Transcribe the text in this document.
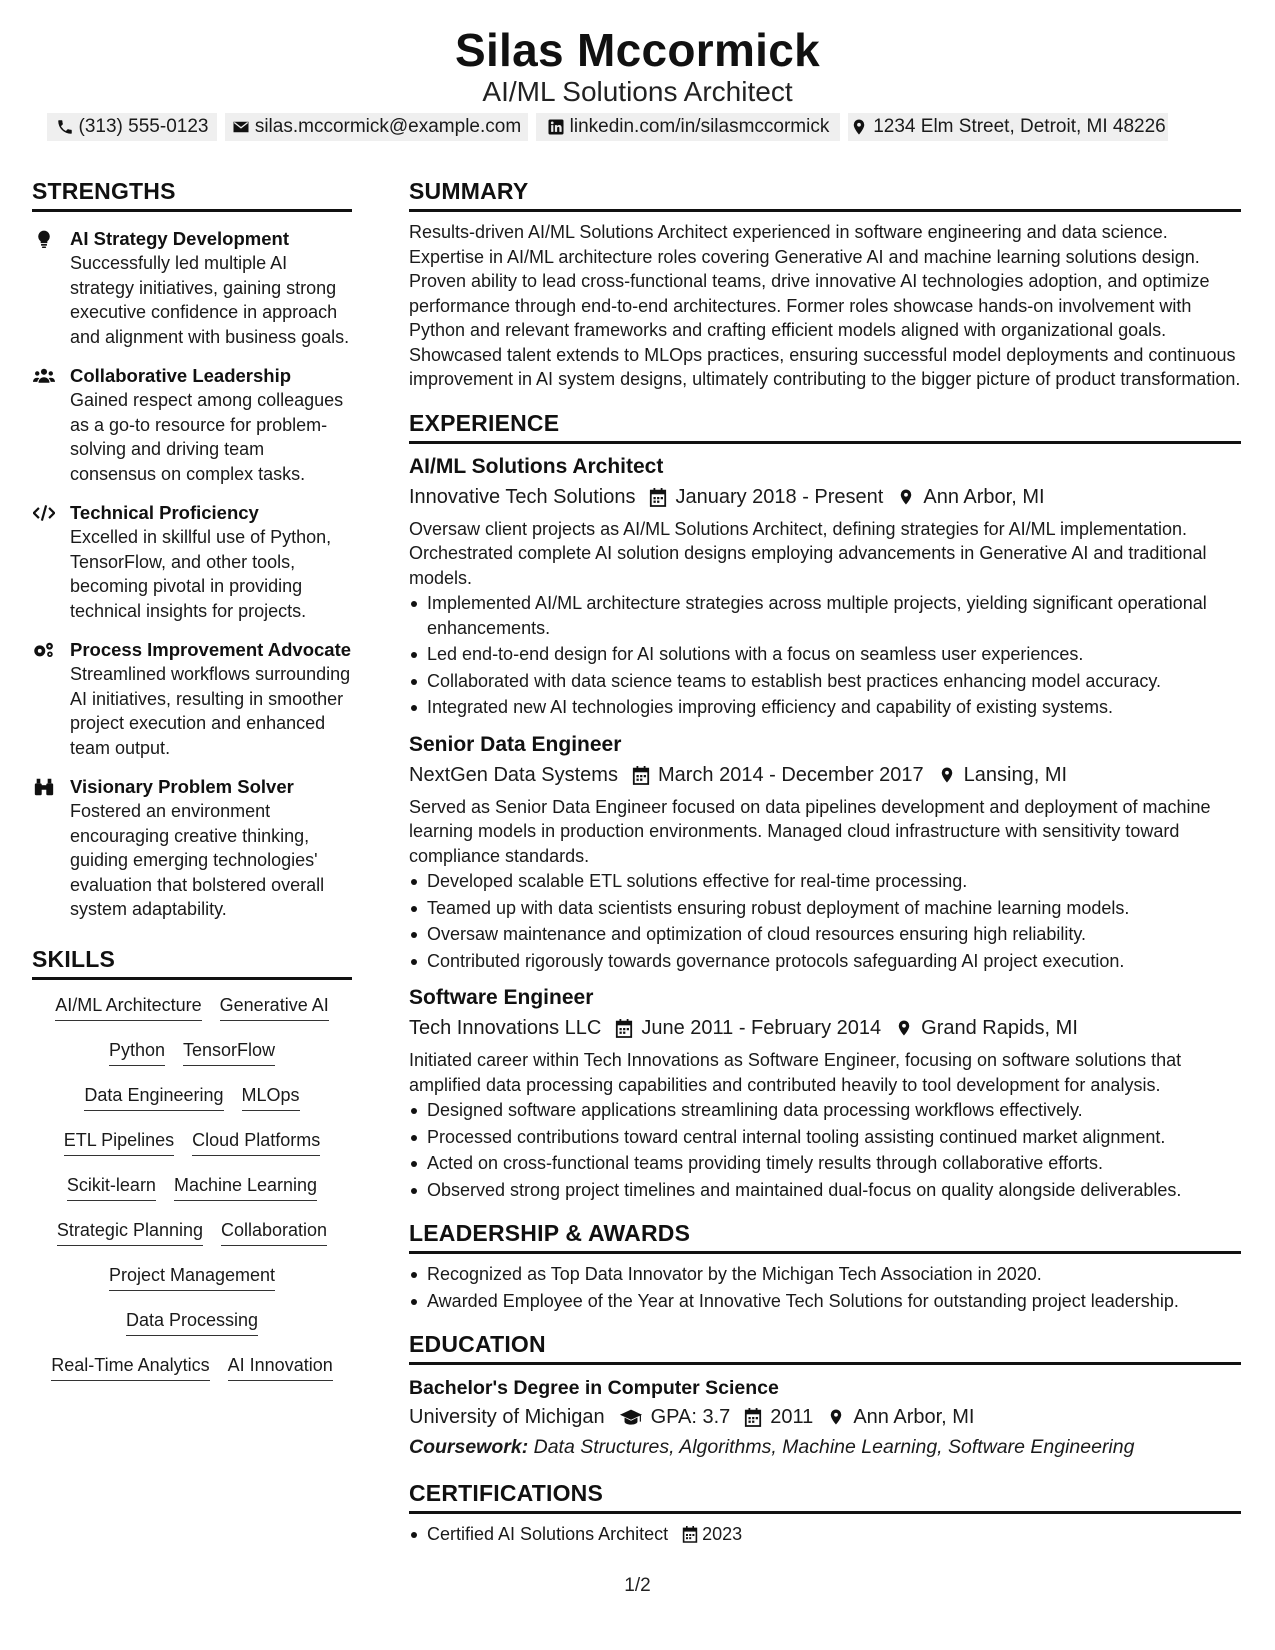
Silas Mccormick
AI/ML Solutions Architect
(313) 555-0123 silas.mccormick@example.com	linkedin.com/in/silasmccormick 1234 Elm Street, Detroit, MI 48226
STRENGTHS
AI Strategy Development
Successfully led multiple AI strategy initiatives, gaining strong executive confidence in approach and alignment with business goals.
Collaborative Leadership
Gained respect among colleagues as a go-to resource for problem-solving and driving team consensus on complex tasks.
Technical Proficiency
Excelled in skillful use of Python, TensorFlow, and other tools, becoming pivotal in providing technical insights for projects.
Process Improvement Advocate
Streamlined workflows surrounding AI initiatives, resulting in smoother project execution and enhanced team output.
Visionary Problem Solver
Fostered an environment encouraging creative thinking, guiding emerging technologies' evaluation that bolstered overall system adaptability.
SKILLS
AI/ML Architecture Generative AI
Python TensorFlow
Data Engineering MLOps
ETL Pipelines Cloud Platforms
Scikit-learn Machine Learning
Strategic Planning Collaboration
Project Management
Data Processing
Real-Time Analytics AI Innovation
SUMMARY
Results-driven AI/ML Solutions Architect experienced in software engineering and data science. Expertise in AI/ML architecture roles covering Generative AI and machine learning solutions design. Proven ability to lead cross-functional teams, drive innovative AI technologies adoption, and optimize performance through end-to-end architectures. Former roles showcase hands-on involvement with Python and relevant frameworks and crafting efficient models aligned with organizational goals. Showcased talent extends to MLOps practices, ensuring successful model deployments and continuous improvement in AI system designs, ultimately contributing to the bigger picture of product transformation.
EXPERIENCE
AI/ML Solutions Architect
Innovative Tech Solutions January 2018 - Present Ann Arbor, MI
Oversaw client projects as AI/ML Solutions Architect, defining strategies for AI/ML implementation. Orchestrated complete AI solution designs employing advancements in Generative AI and traditional models.
Implemented AI/ML architecture strategies across multiple projects, yielding significant operational enhancements.
Led end-to-end design for AI solutions with a focus on seamless user experiences.
Collaborated with data science teams to establish best practices enhancing model accuracy.
Integrated new AI technologies improving efficiency and capability of existing systems.
Senior Data Engineer
NextGen Data Systems March 2014 - December 2017 Lansing, MI
Served as Senior Data Engineer focused on data pipelines development and deployment of machine learning models in production environments. Managed cloud infrastructure with sensitivity toward compliance standards.
Developed scalable ETL solutions effective for real-time processing.
Teamed up with data scientists ensuring robust deployment of machine learning models.
Oversaw maintenance and optimization of cloud resources ensuring high reliability.
Contributed rigorously towards governance protocols safeguarding AI project execution.
Software Engineer
Tech Innovations LLC June 2011 - February 2014 Grand Rapids, MI
Initiated career within Tech Innovations as Software Engineer, focusing on software solutions that amplified data processing capabilities and contributed heavily to tool development for analysis.
Designed software applications streamlining data processing workflows effectively.
Processed contributions toward central internal tooling assisting continued market alignment.
Acted on cross-functional teams providing timely results through collaborative efforts.
Observed strong project timelines and maintained dual-focus on quality alongside deliverables.
LEADERSHIP & AWARDS
Recognized as Top Data Innovator by the Michigan Tech Association in 2020.
Awarded Employee of the Year at Innovative Tech Solutions for outstanding project leadership.
EDUCATION
Bachelor's Degree in Computer Science
University of Michigan GPA: 3.7 2011 Ann Arbor, MI
Coursework: Data Structures, Algorithms, Machine Learning, Software Engineering
CERTIFICATIONS
Certified AI Solutions Architect 2023
1/2
